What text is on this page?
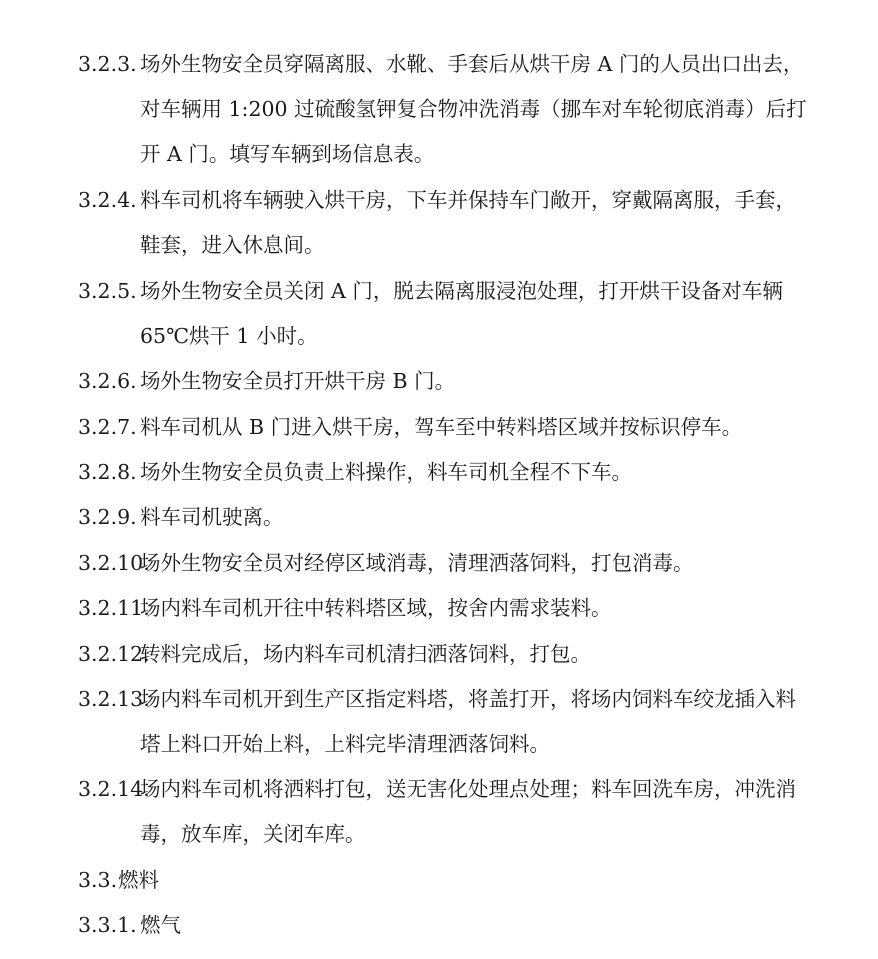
3.2.3. 场外生物安全员穿隔离服、水靴、手套后从烘干房 A 门的人员出口出去，
对车辆用 1:200 过硫酸氢钾复合物冲洗消毒（挪车对车轮彻底消毒）后打
开 A 门。填写车辆到场信息表。
3.2.4. 料车司机将车辆驶入烘干房，下车并保持车门敞开，穿戴隔离服，手套，
鞋套，进入休息间。
3.2.5. 场外生物安全员关闭 A 门，脱去隔离服浸泡处理，打开烘干设备对车辆
65℃烘干 1 小时。
3.2.6. 场外生物安全员打开烘干房 B 门。
3.2.7. 料车司机从 B 门进入烘干房，驾车至中转料塔区域并按标识停车。
3.2.8. 场外生物安全员负责上料操作，料车司机全程不下车。
3.2.9. 料车司机驶离。
3.2.10.
场外生物安全员对经停区域消毒，清理洒落饲料，打包消毒。
3.2.11.
场内料车司机开往中转料塔区域，按舍内需求装料。
3.2.12.
转料完成后，场内料车司机清扫洒落饲料，打包。
3.2.13.
场内料车司机开到生产区指定料塔，将盖打开，将场内饲料车绞龙插入料
塔上料口开始上料，上料完毕清理洒落饲料。
3.2.14.
场内料车司机将洒料打包，送无害化处理点处理；料车回洗车房，冲洗消
毒，放车库，关闭车库。
3.3. 燃料
3.3.1. 燃气
